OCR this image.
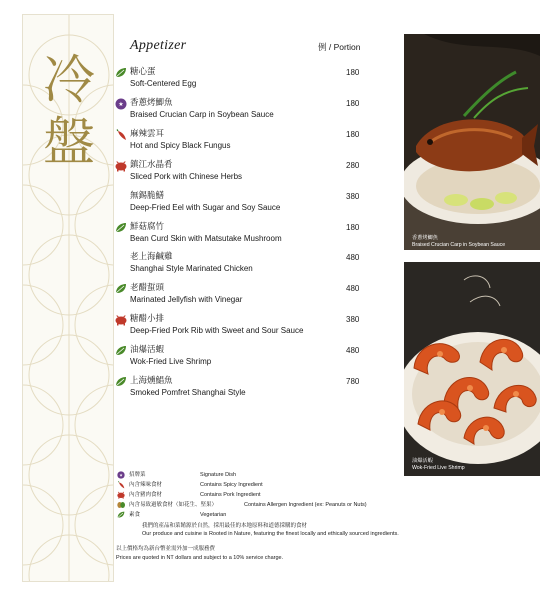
冷
盤
Appetizer	例 / Portion
糖心蛋
Soft-Centered Egg
180
★ 香蔥烤鯽魚
Braised Crucian Carp in Soybean Sauce
180
麻辣雲耳
Hot and Spicy Black Fungus
180
鎮江水晶肴
Sliced Pork with Chinese Herbs
280
無錫脆鱔
Deep-Fried Eel with Sugar and Soy Sauce
380
鮮菇腐竹
Bean Curd Skin with Matsutake Mushroom
180
老上海鹹雞
Shanghai Style Marinated Chicken
480
老醋蜇頭
Marinated Jellyfish with Vinegar
480
糖醋小排
Deep-Fried Pork Rib with Sweet and Sour Sauce
380
油爆活蝦
Wok-Fried Live Shrimp
480
上海燻鯧魚
Smoked Pomfret Shanghai Style
780
香蔥烤鯽魚
Braised Crucian Carp in Soybean Sauce
油爆活蝦
Wok-Fried Live Shrimp
★ 招牌菜	Signature Dish
內含辣味食材	Contains Spicy Ingredient
內含豬肉食材	Contains Pork Ingredient
內含易致過敏食材（如花生、堅果）	Contains Allergen Ingredient (ex: Peanuts or Nuts)
素食	Vegetarian
我們的產品和菜餚源於自然，採用最佳的本地原料和道德採購的食材
Our produce and cuisine is Rooted in Nature, featuring the finest locally and ethically sourced ingredients.
以上價格均為新台幣並需外加一成服務費
Prices are quoted in NT dollars and subject to a 10% service charge.
